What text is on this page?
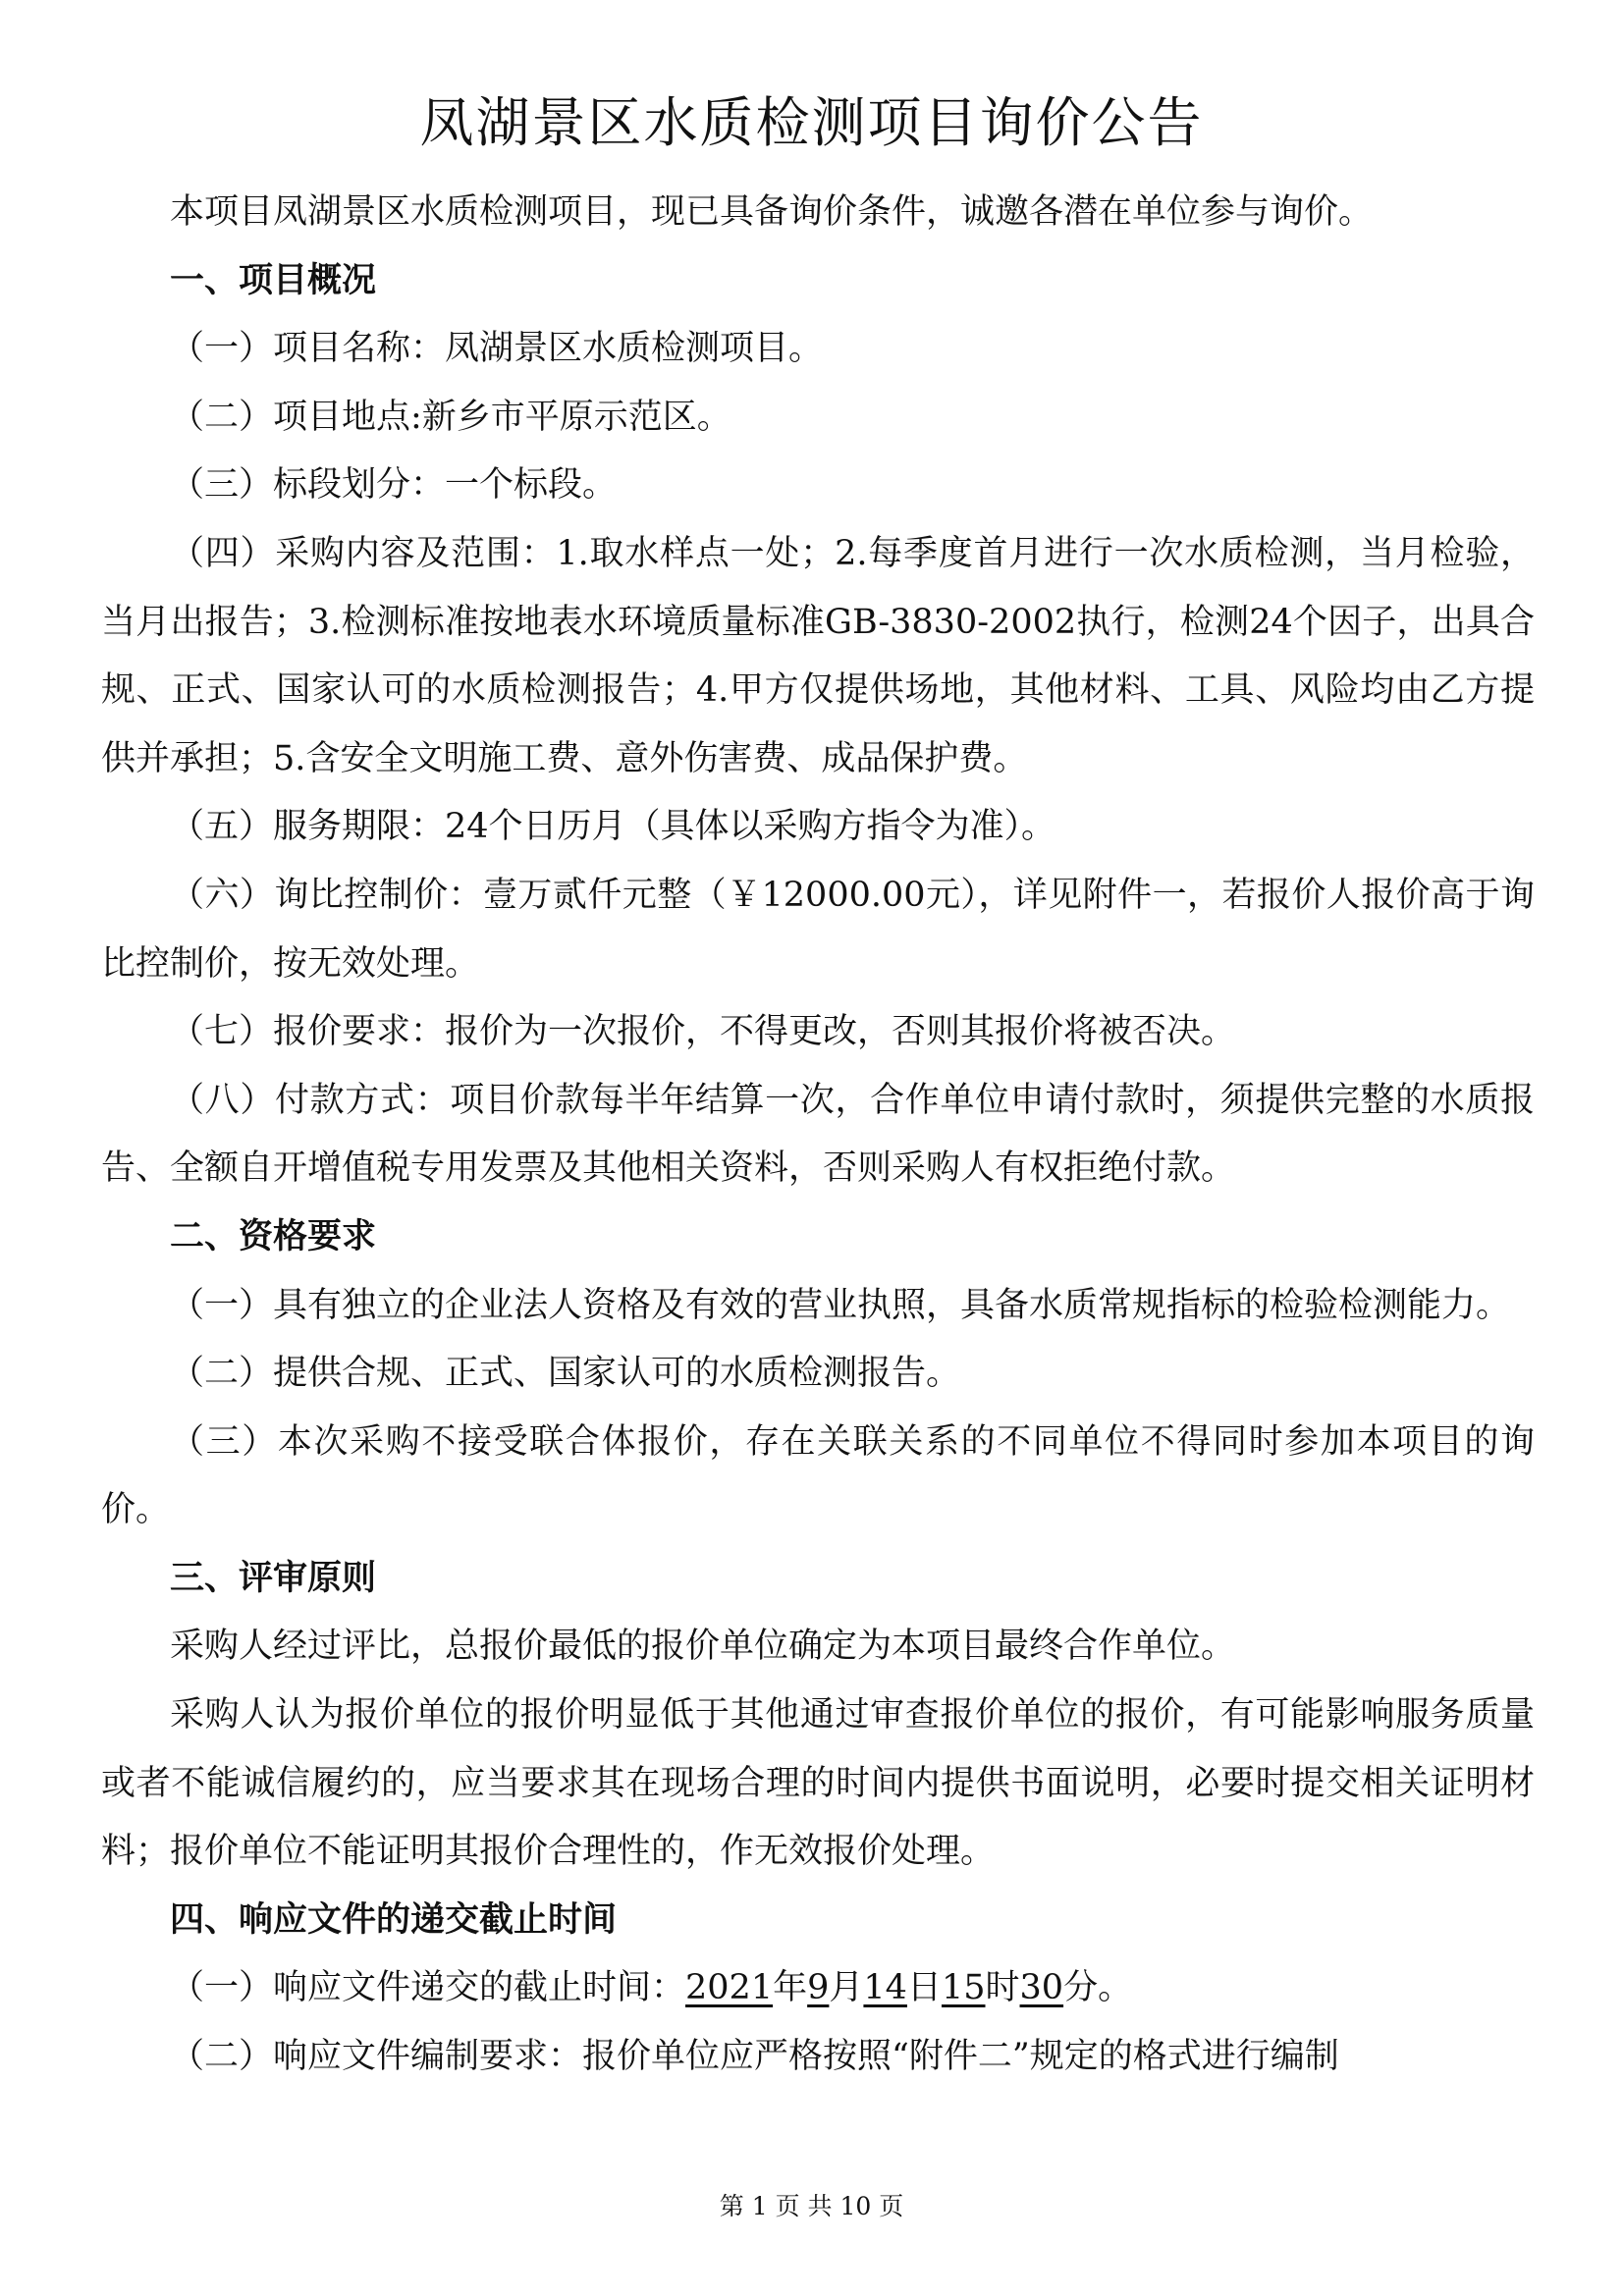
凤湖景区水质检测项目询价公告

本项目凤湖景区水质检测项目，现已具备询价条件，诚邀各潜在单位参与询价。

一、项目概况

（一）项目名称：凤湖景区水质检测项目。

（二）项目地点:新乡市平原示范区。

（三）标段划分：一个标段。

（四）采购内容及范围：1.取水样点一处；2.每季度首月进行一次水质检测，当月检验，当月出报告；3.检测标准按地表水环境质量标准GB-3830-2002执行，检测24个因子，出具合规、正式、国家认可的水质检测报告；4.甲方仅提供场地，其他材料、工具、风险均由乙方提供并承担；5.含安全文明施工费、意外伤害费、成品保护费。

（五）服务期限：24个日历月（具体以采购方指令为准）。

（六）询比控制价：壹万贰仟元整（￥12000.00元），详见附件一，若报价人报价高于询比控制价，按无效处理。

（七）报价要求：报价为一次报价，不得更改，否则其报价将被否决。

（八）付款方式：项目价款每半年结算一次，合作单位申请付款时，须提供完整的水质报告、全额自开增值税专用发票及其他相关资料，否则采购人有权拒绝付款。

二、资格要求

（一）具有独立的企业法人资格及有效的营业执照，具备水质常规指标的检验检测能力。

（二）提供合规、正式、国家认可的水质检测报告。

（三）本次采购不接受联合体报价，存在关联关系的不同单位不得同时参加本项目的询价。

三、评审原则

采购人经过评比，总报价最低的报价单位确定为本项目最终合作单位。

采购人认为报价单位的报价明显低于其他通过审查报价单位的报价，有可能影响服务质量或者不能诚信履约的，应当要求其在现场合理的时间内提供书面说明，必要时提交相关证明材料；报价单位不能证明其报价合理性的，作无效报价处理。

四、响应文件的递交截止时间

（一）响应文件递交的截止时间：2021年9月14日15时30分。

（二）响应文件编制要求：报价单位应严格按照“附件二”规定的格式进行编制

第 1 页 共 10 页
